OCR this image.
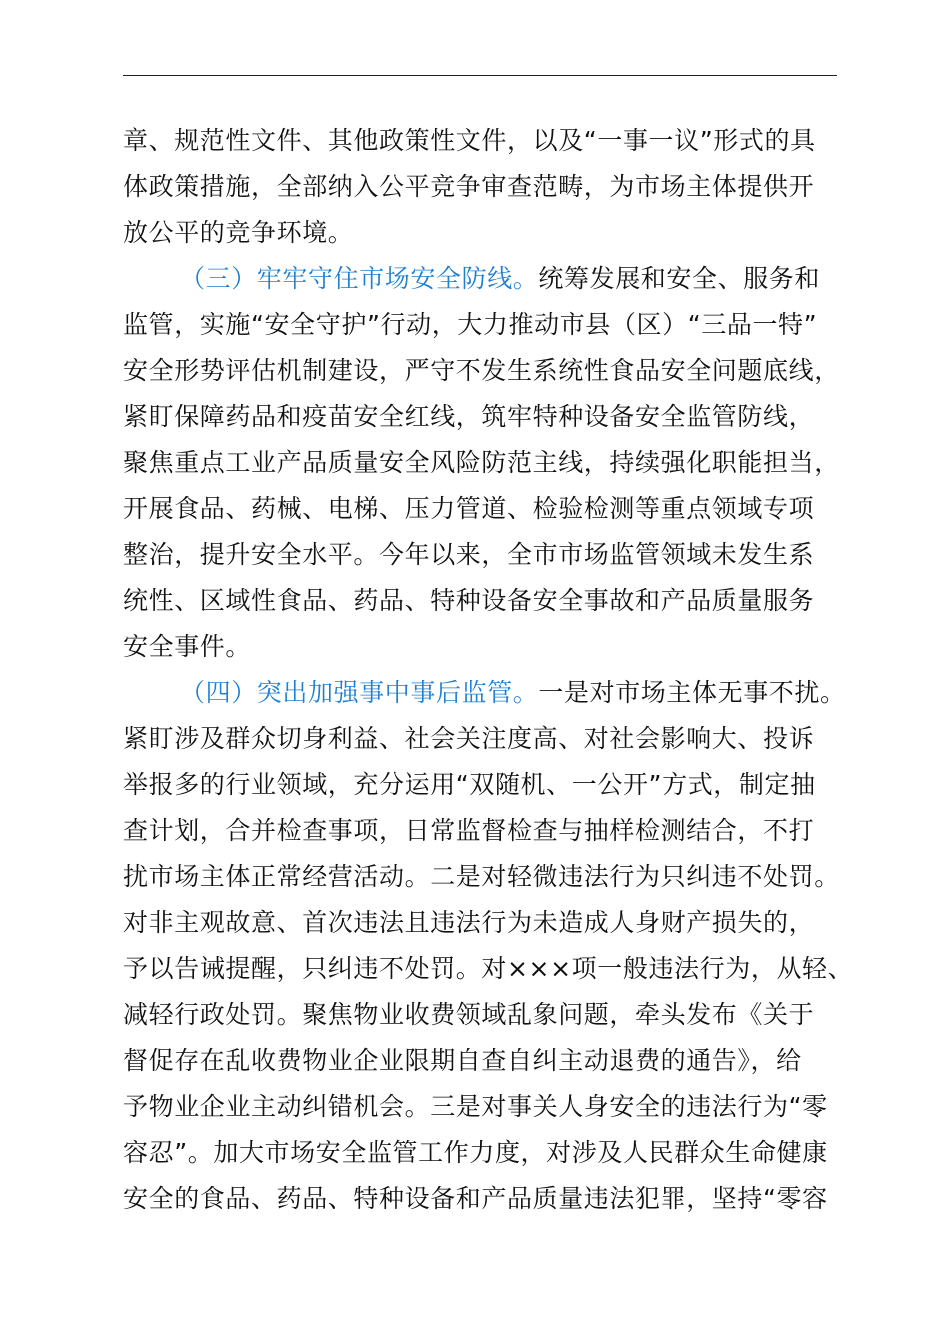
章、规范性文件、其他政策性文件，以及“一事一议”形式的具
体政策措施，全部纳入公平竞争审查范畴，为市场主体提供开
放公平的竞争环境。
（三）牢牢守住市场安全防线。统筹发展和安全、服务和
监管，实施“安全守护”行动，大力推动市县（区）“三品一特”
安全形势评估机制建设，严守不发生系统性食品安全问题底线，
紧盯保障药品和疫苗安全红线，筑牢特种设备安全监管防线，
聚焦重点工业产品质量安全风险防范主线，持续强化职能担当，
开展食品、药械、电梯、压力管道、检验检测等重点领域专项
整治，提升安全水平。今年以来，全市市场监管领域未发生系
统性、区域性食品、药品、特种设备安全事故和产品质量服务
安全事件。
（四）突出加强事中事后监管。一是对市场主体无事不扰。
紧盯涉及群众切身利益、社会关注度高、对社会影响大、投诉
举报多的行业领域，充分运用“双随机、一公开”方式，制定抽
查计划，合并检查事项，日常监督检查与抽样检测结合，不打
扰市场主体正常经营活动。二是对轻微违法行为只纠违不处罚。
对非主观故意、首次违法且违法行为未造成人身财产损失的，
予以告诫提醒，只纠违不处罚。对×××项一般违法行为，从轻、
减轻行政处罚。聚焦物业收费领域乱象问题，牵头发布《关于
督促存在乱收费物业企业限期自查自纠主动退费的通告》，给
予物业企业主动纠错机会。三是对事关人身安全的违法行为“零
容忍”。加大市场安全监管工作力度，对涉及人民群众生命健康
安全的食品、药品、特种设备和产品质量违法犯罪，坚持“零容
